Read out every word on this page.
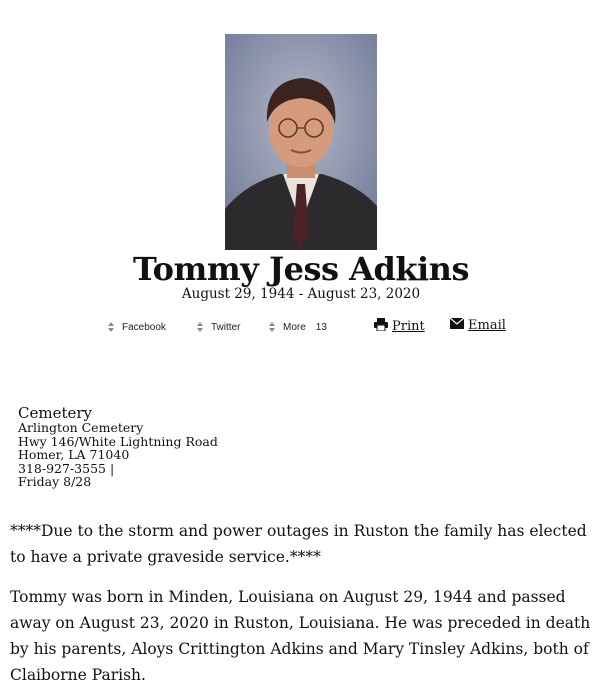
Tommy Jess Adkins
August 29, 1944 - August 23, 2020
Facebook	Twitter	More 13	Print	Email
Cemetery
Arlington Cemetery
Hwy 146/White Lightning Road
Homer, LA 71040
318-927-3555 |
Friday 8/28

****Due to the storm and power outages in Ruston the family has elected to have a private graveside service.****

Tommy was born in Minden, Louisiana on August 29, 1944 and passed away on August 23, 2020 in Ruston, Louisiana. He was preceded in death by his parents, Aloys Crittington Adkins and Mary Tinsley Adkins, both of Claiborne Parish.
